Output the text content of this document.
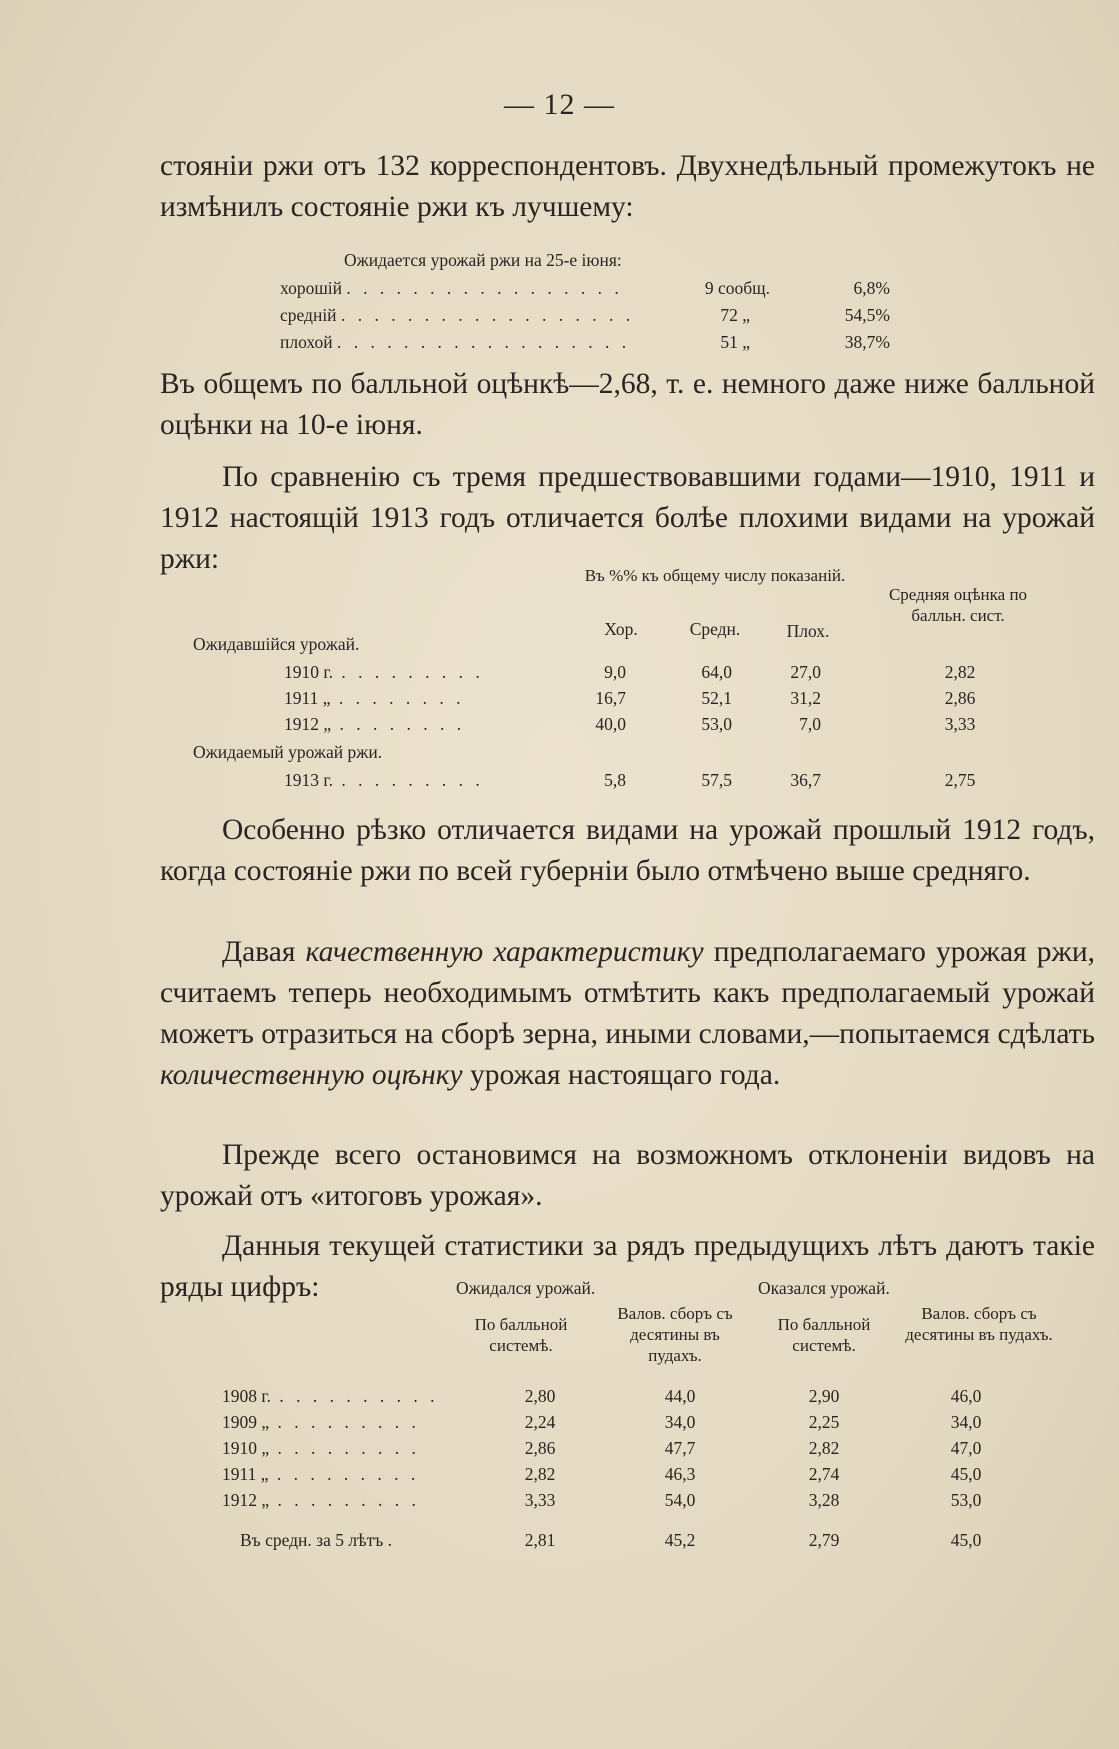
— 12 —

стоянiи ржи отъ 132 корреспондентовъ. Двухнедѣльный промежутокъ не измѣнилъ состоянiе ржи къ лучшему:

Ожидается урожай ржи на 25-е iюня:
хорошiй . . . . . . . . . . . . . . . . .	9 сообщ.	6,8%
среднiй . . . . . . . . . . . . . . . . . .	72 „	54,5%
плохой . . . . . . . . . . . . . . . . . .	51 „	38,7%

Въ общемъ по балльной оцѣнкѣ—2,68, т. е. немного даже ниже балльной оцѣнки на 10-е iюня.

По сравненiю съ тремя предшествовавшими годами—1910, 1911 и 1912 настоящiй 1913 годъ отличается болѣе плохими видами на урожай ржи:

Въ %% къ общему числу показанiй.
Средняя оцѣнка по балльн. сист.
Хор.	Средн.	Плох.
Ожидавшiйся урожай.
1910 г. . . . . . . . . .	9,0	64,0	27,0	2,82
1911 „ . . . . . . . .	16,7	52,1	31,2	2,86
1912 „ . . . . . . . .	40,0	53,0	7,0	3,33
Ожидаемый урожай ржи.
1913 г. . . . . . . . . .	5,8	57,5	36,7	2,75

Особенно рѣзко отличается видами на урожай прошлый 1912 годъ, когда состоянiе ржи по всей губернiи было отмѣчено выше средняго.

Давая качественную характеристику предполагаемаго урожая ржи, считаемъ теперь необходимымъ отмѣтить какъ предполагаемый урожай можетъ отразиться на сборѣ зерна, иными словами,—попытаемся сдѣлать количественную оцѣнку урожая настоящаго года.

Прежде всего остановимся на возможномъ отклоненiи видовъ на урожай отъ «итоговъ урожая».

Данныя текущей статистики за рядъ предыдущихъ лѣтъ даютъ такiе ряды цифръ:	Ожидался урожай.	Оказался урожай.
По балльной системѣ.
Валов. сборъ съ десятины въ пудахъ.
По балльной системѣ.
Валов. сборъ съ десятины въ пудахъ.
1908 г. . . . . . . . . . .	2,80	44,0	2,90	46,0
1909 „ . . . . . . . . .	2,24	34,0	2,25	34,0
1910 „ . . . . . . . . .	2,86	47,7	2,82	47,0
1911 „ . . . . . . . . .	2,82	46,3	2,74	45,0
1912 „ . . . . . . . . .	3,33	54,0	3,28	53,0
Въ средн. за 5 лѣтъ .	2,81	45,2	2,79	45,0
